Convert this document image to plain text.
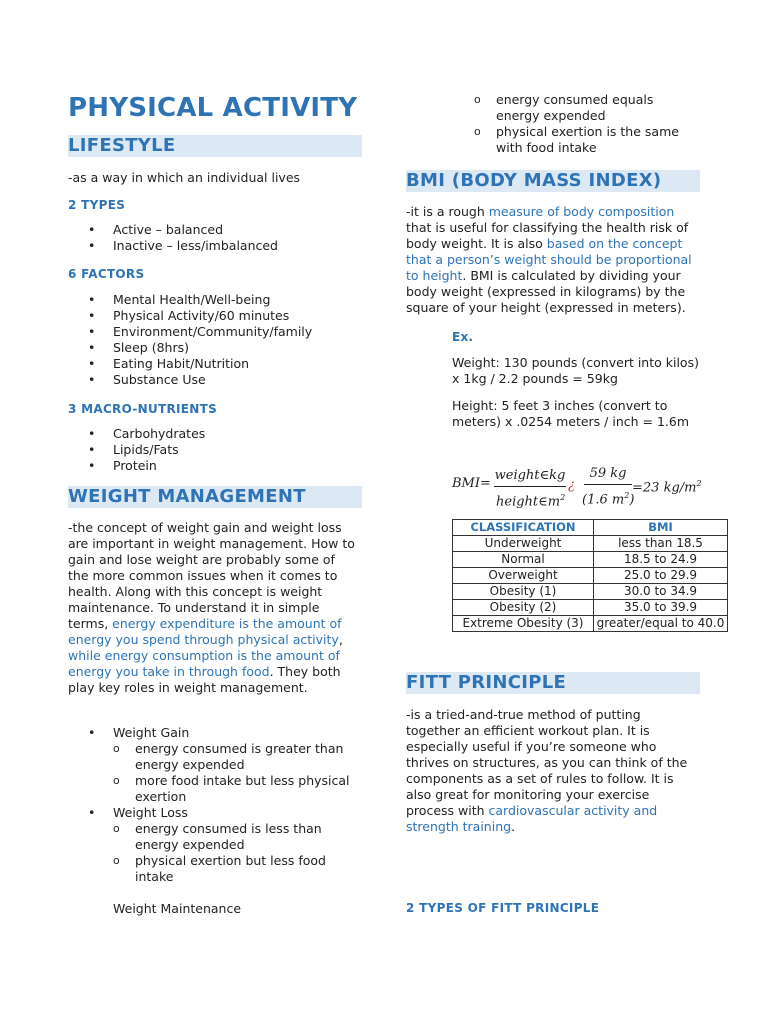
PHYSICAL ACTIVITY
LIFESTYLE
-as a way in which an individual lives
2 TYPES
• Active – balanced
• Inactive – less/imbalanced
6 FACTORS
• Mental Health/Well-being
• Physical Activity/60 minutes
• Environment/Community/family
• Sleep (8hrs)
• Eating Habit/Nutrition
• Substance Use
3 MACRO-NUTRIENTS
• Carbohydrates
• Lipids/Fats
• Protein
WEIGHT MANAGEMENT
-the concept of weight gain and weight loss are important in weight management. How to gain and lose weight are probably some of the more common issues when it comes to health. Along with this concept is weight maintenance. To understand it in simple terms, energy expenditure is the amount of energy you spend through physical activity, while energy consumption is the amount of energy you take in through food. They both play key roles in weight management.
• Weight Gain
o energy consumed is greater than energy expended
o more food intake but less physical exertion
• Weight Loss
o energy consumed is less than energy expended
o physical exertion but less food intake
Weight Maintenance
o energy consumed equals energy expended
o physical exertion is the same with food intake
BMI (BODY MASS INDEX)
-it is a rough measure of body composition that is useful for classifying the health risk of body weight. It is also based on the concept that a person’s weight should be proportional to height. BMI is calculated by dividing your body weight (expressed in kilograms) by the square of your height (expressed in meters).
Ex.
Weight: 130 pounds (convert into kilos) x 1kg / 2.2 pounds = 59kg
Height: 5 feet 3 inches (convert to meters) x .0254 meters / inch = 1.6m
BMI=
weight∈kg
$height\in m^2$
¿
59 kg
(1.6 $m^2$)
=23 $kg/m^2$
CLASSIFICATION	BMI
Underweight	less than 18.5
Normal	18.5 to 24.9
Overweight	25.0 to 29.9
Obesity (1)	30.0 to 34.9
Obesity (2)	35.0 to 39.9
Extreme Obesity (3)	greater/equal to 40.0
FITT PRINCIPLE
-is a tried-and-true method of putting together an efficient workout plan. It is especially useful if you’re someone who thrives on structures, as you can think of the components as a set of rules to follow. It is also great for monitoring your exercise process with cardiovascular activity and strength training.
2 TYPES OF FITT PRINCIPLE
